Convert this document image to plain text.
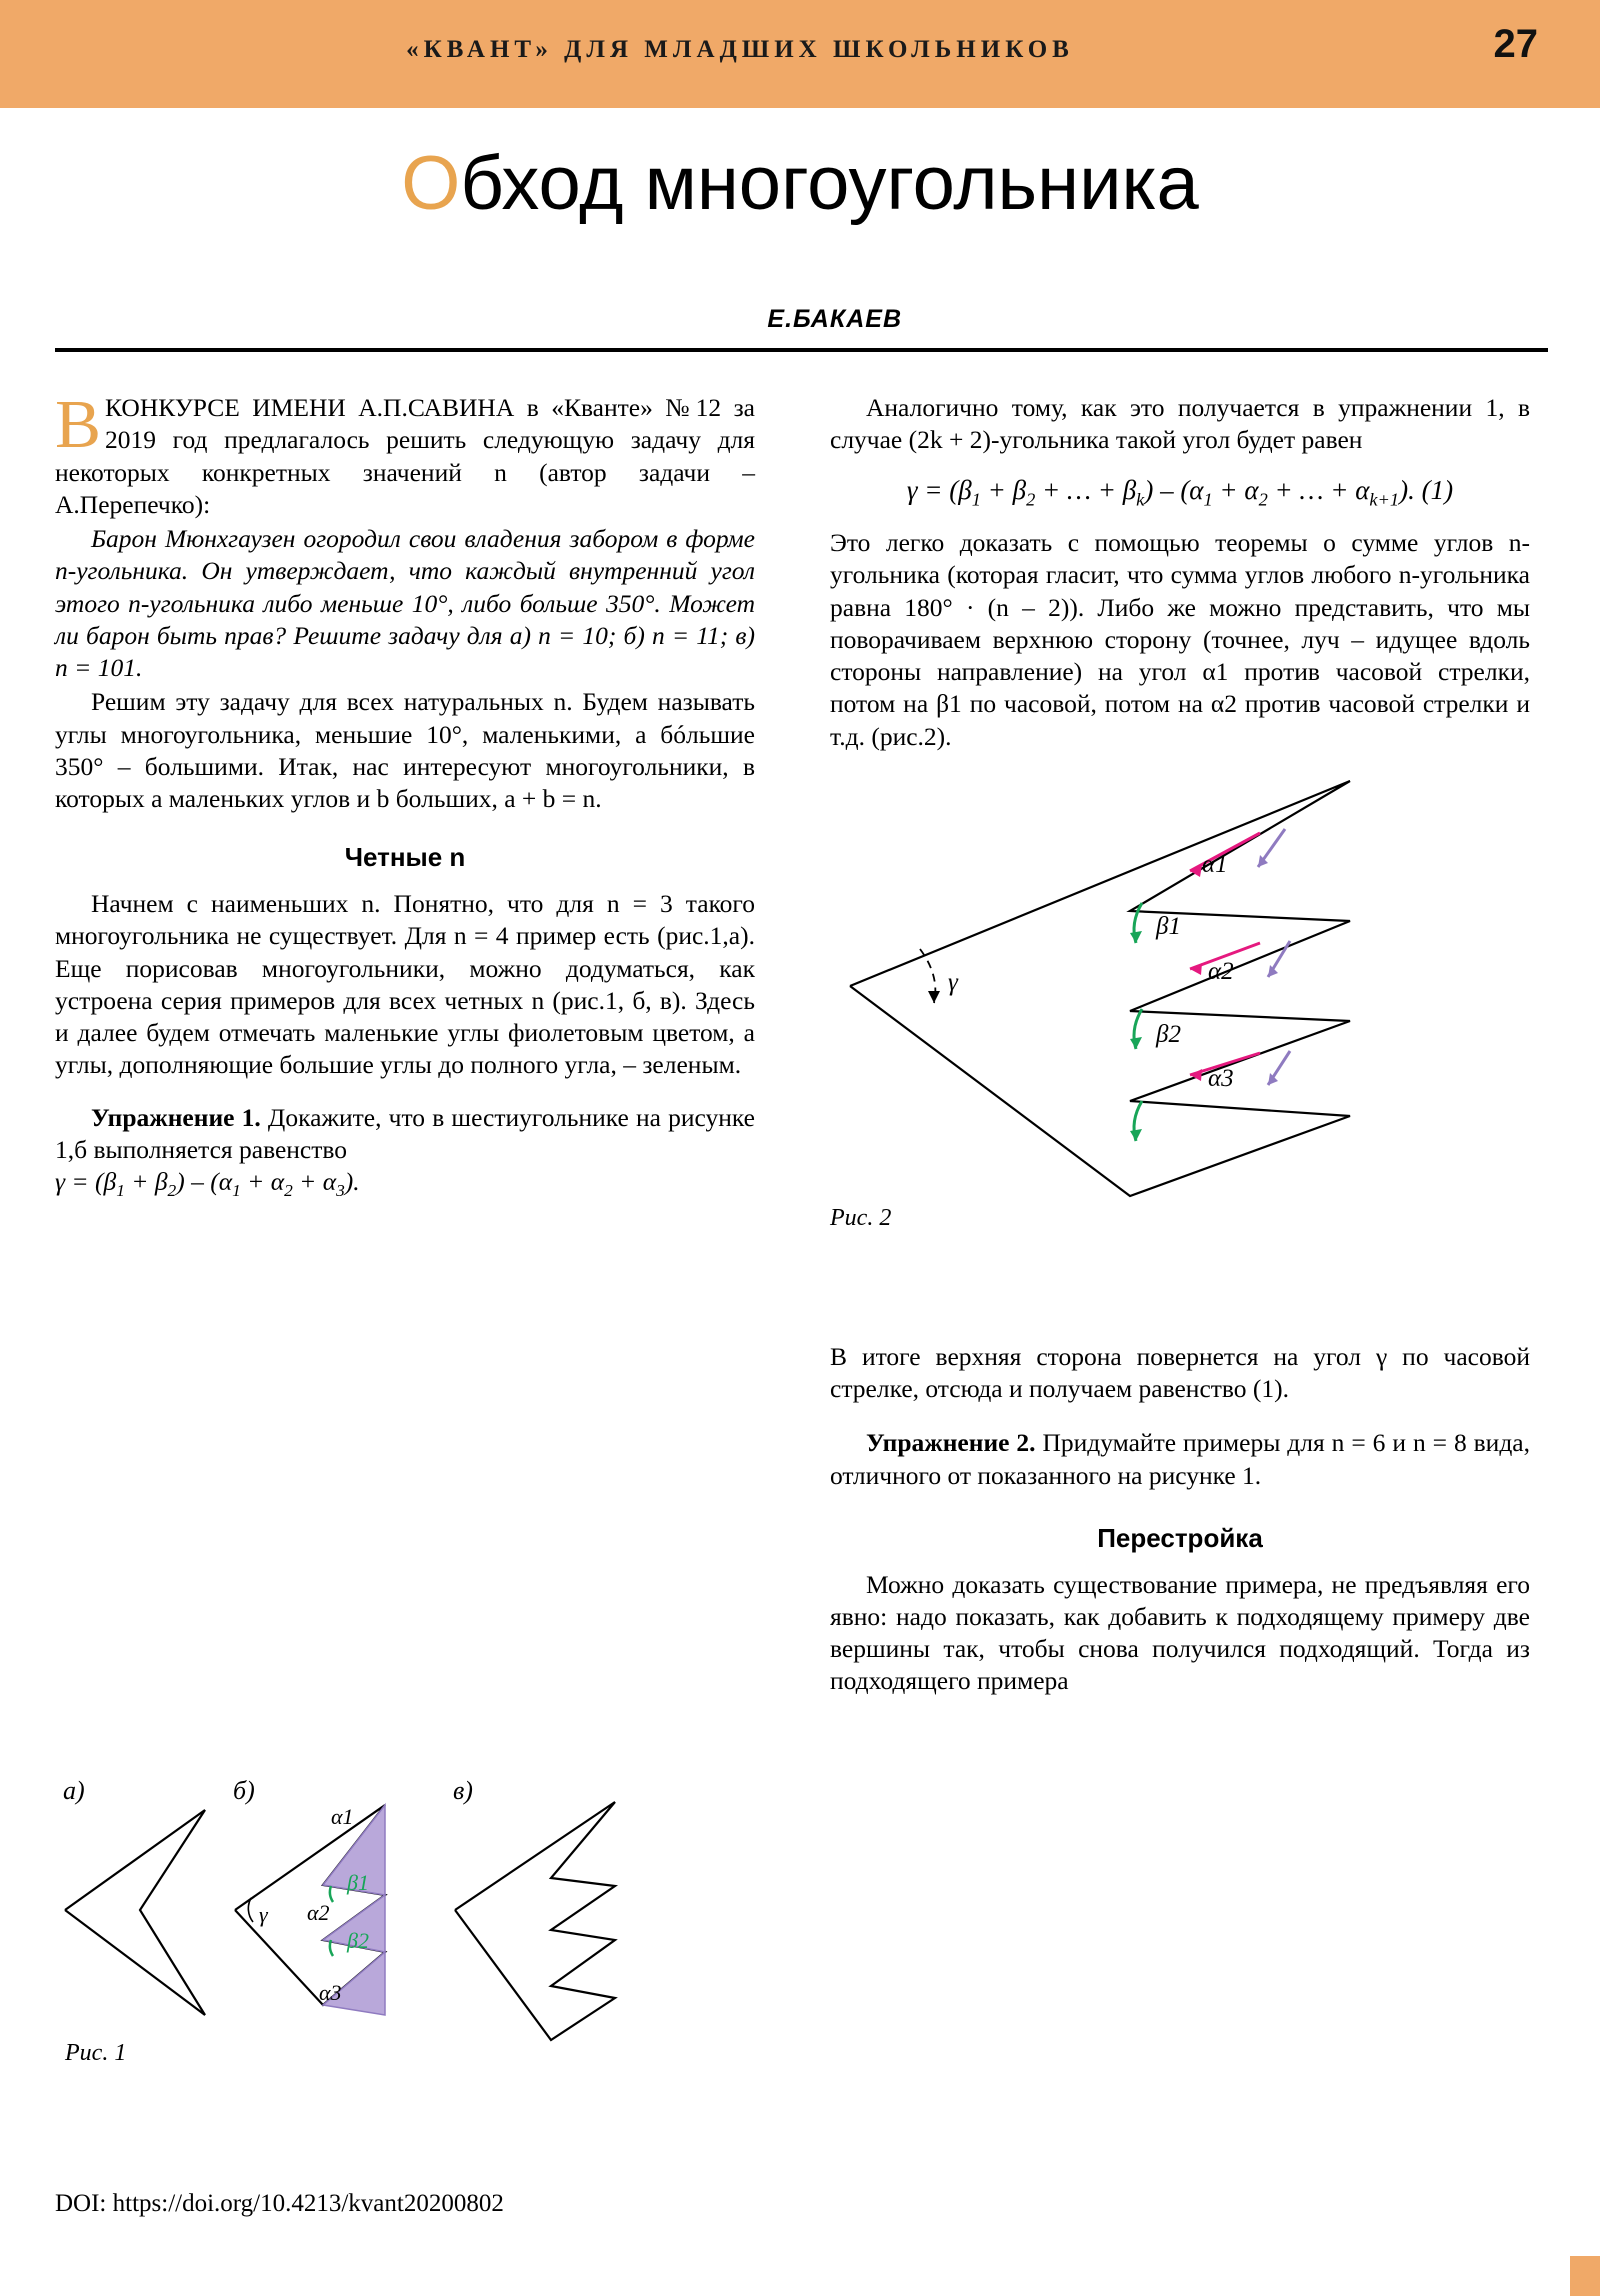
«КВАНТ» ДЛЯ МЛАДШИХ ШКОЛЬНИКОВ	27
Обход многоугольника
Е.БАКАЕВ

ВКОНКУРСЕ ИМЕНИ А.П.САВИНА в «Кванте» №12 за 2019 год предлагалось решить следующую задачу для некоторых конкретных значений n (автор задачи – А.Перепечко):

Барон Мюнхгаузен огородил свои владения забором в форме n-угольника. Он утверждает, что каждый внутренний угол этого n-угольника либо меньше 10°, либо больше 350°. Может ли барон быть прав? Решите задачу для а) n = 10; б) n = 11; в) n = 101.

Решим эту задачу для всех натуральных n. Будем называть углы многоугольника, меньшие 10°, маленькими, а бóльшие 350° – большими. Итак, нас интересуют многоугольники, в которых a маленьких углов и b больших, a + b = n.

Четные n

Начнем с наименьших n. Понятно, что для n = 3 такого многоугольника не существует. Для n = 4 пример есть (рис.1,а). Еще порисовав многоугольники, можно додуматься, как устроена серия примеров для всех четных n (рис.1, б, в). Здесь и далее будем отмечать маленькие углы фиолетовым цветом, а углы, дополняющие большие углы до полного угла, – зеленым.

Упражнение 1. Докажите, что в шестиугольнике на рисунке 1,б выполняется равенство

$\gamma = (\beta_1 + \beta_2) - (\alpha_1 + \alpha_2 + \alpha_3)$.

а)	б)	в)
α1
α2
α3
β1
β2
γ
Рис. 1

Аналогично тому, как это получается в упражнении 1, в случае (2k + 2)-угольника такой угол будет равен

$\gamma = (\beta_1 + \beta_2$ + … + $\beta_k) - (\alpha_1 + \alpha_2$ + … + $\alpha_{k+1}$). (1)

Это легко доказать с помощью теоремы о сумме углов n-угольника (которая гласит, что сумма углов любого n-угольника равна 180° · (n – 2)). Либо же можно представить, что мы поворачиваем верхнюю сторону (точнее, луч – идущее вдоль стороны направление) на угол α1 против часовой стрелки, потом на β1 по часовой, потом на α2 против часовой стрелки и т.д. (рис.2).

α1
α2
α3
β1
β2
γ
Рис. 2

В итоге верхняя сторона повернется на угол γ по часовой стрелке, отсюда и получаем равенство (1).

Упражнение 2. Придумайте примеры для n = 6 и n = 8 вида, отличного от показанного на рисунке 1.

Перестройка

Можно доказать существование примера, не предъявляя его явно: надо показать, как добавить к подходящему примеру две вершины так, чтобы снова получился подходящий. Тогда из подходящего примера

DOI: https://doi.org/10.4213/kvant20200802
